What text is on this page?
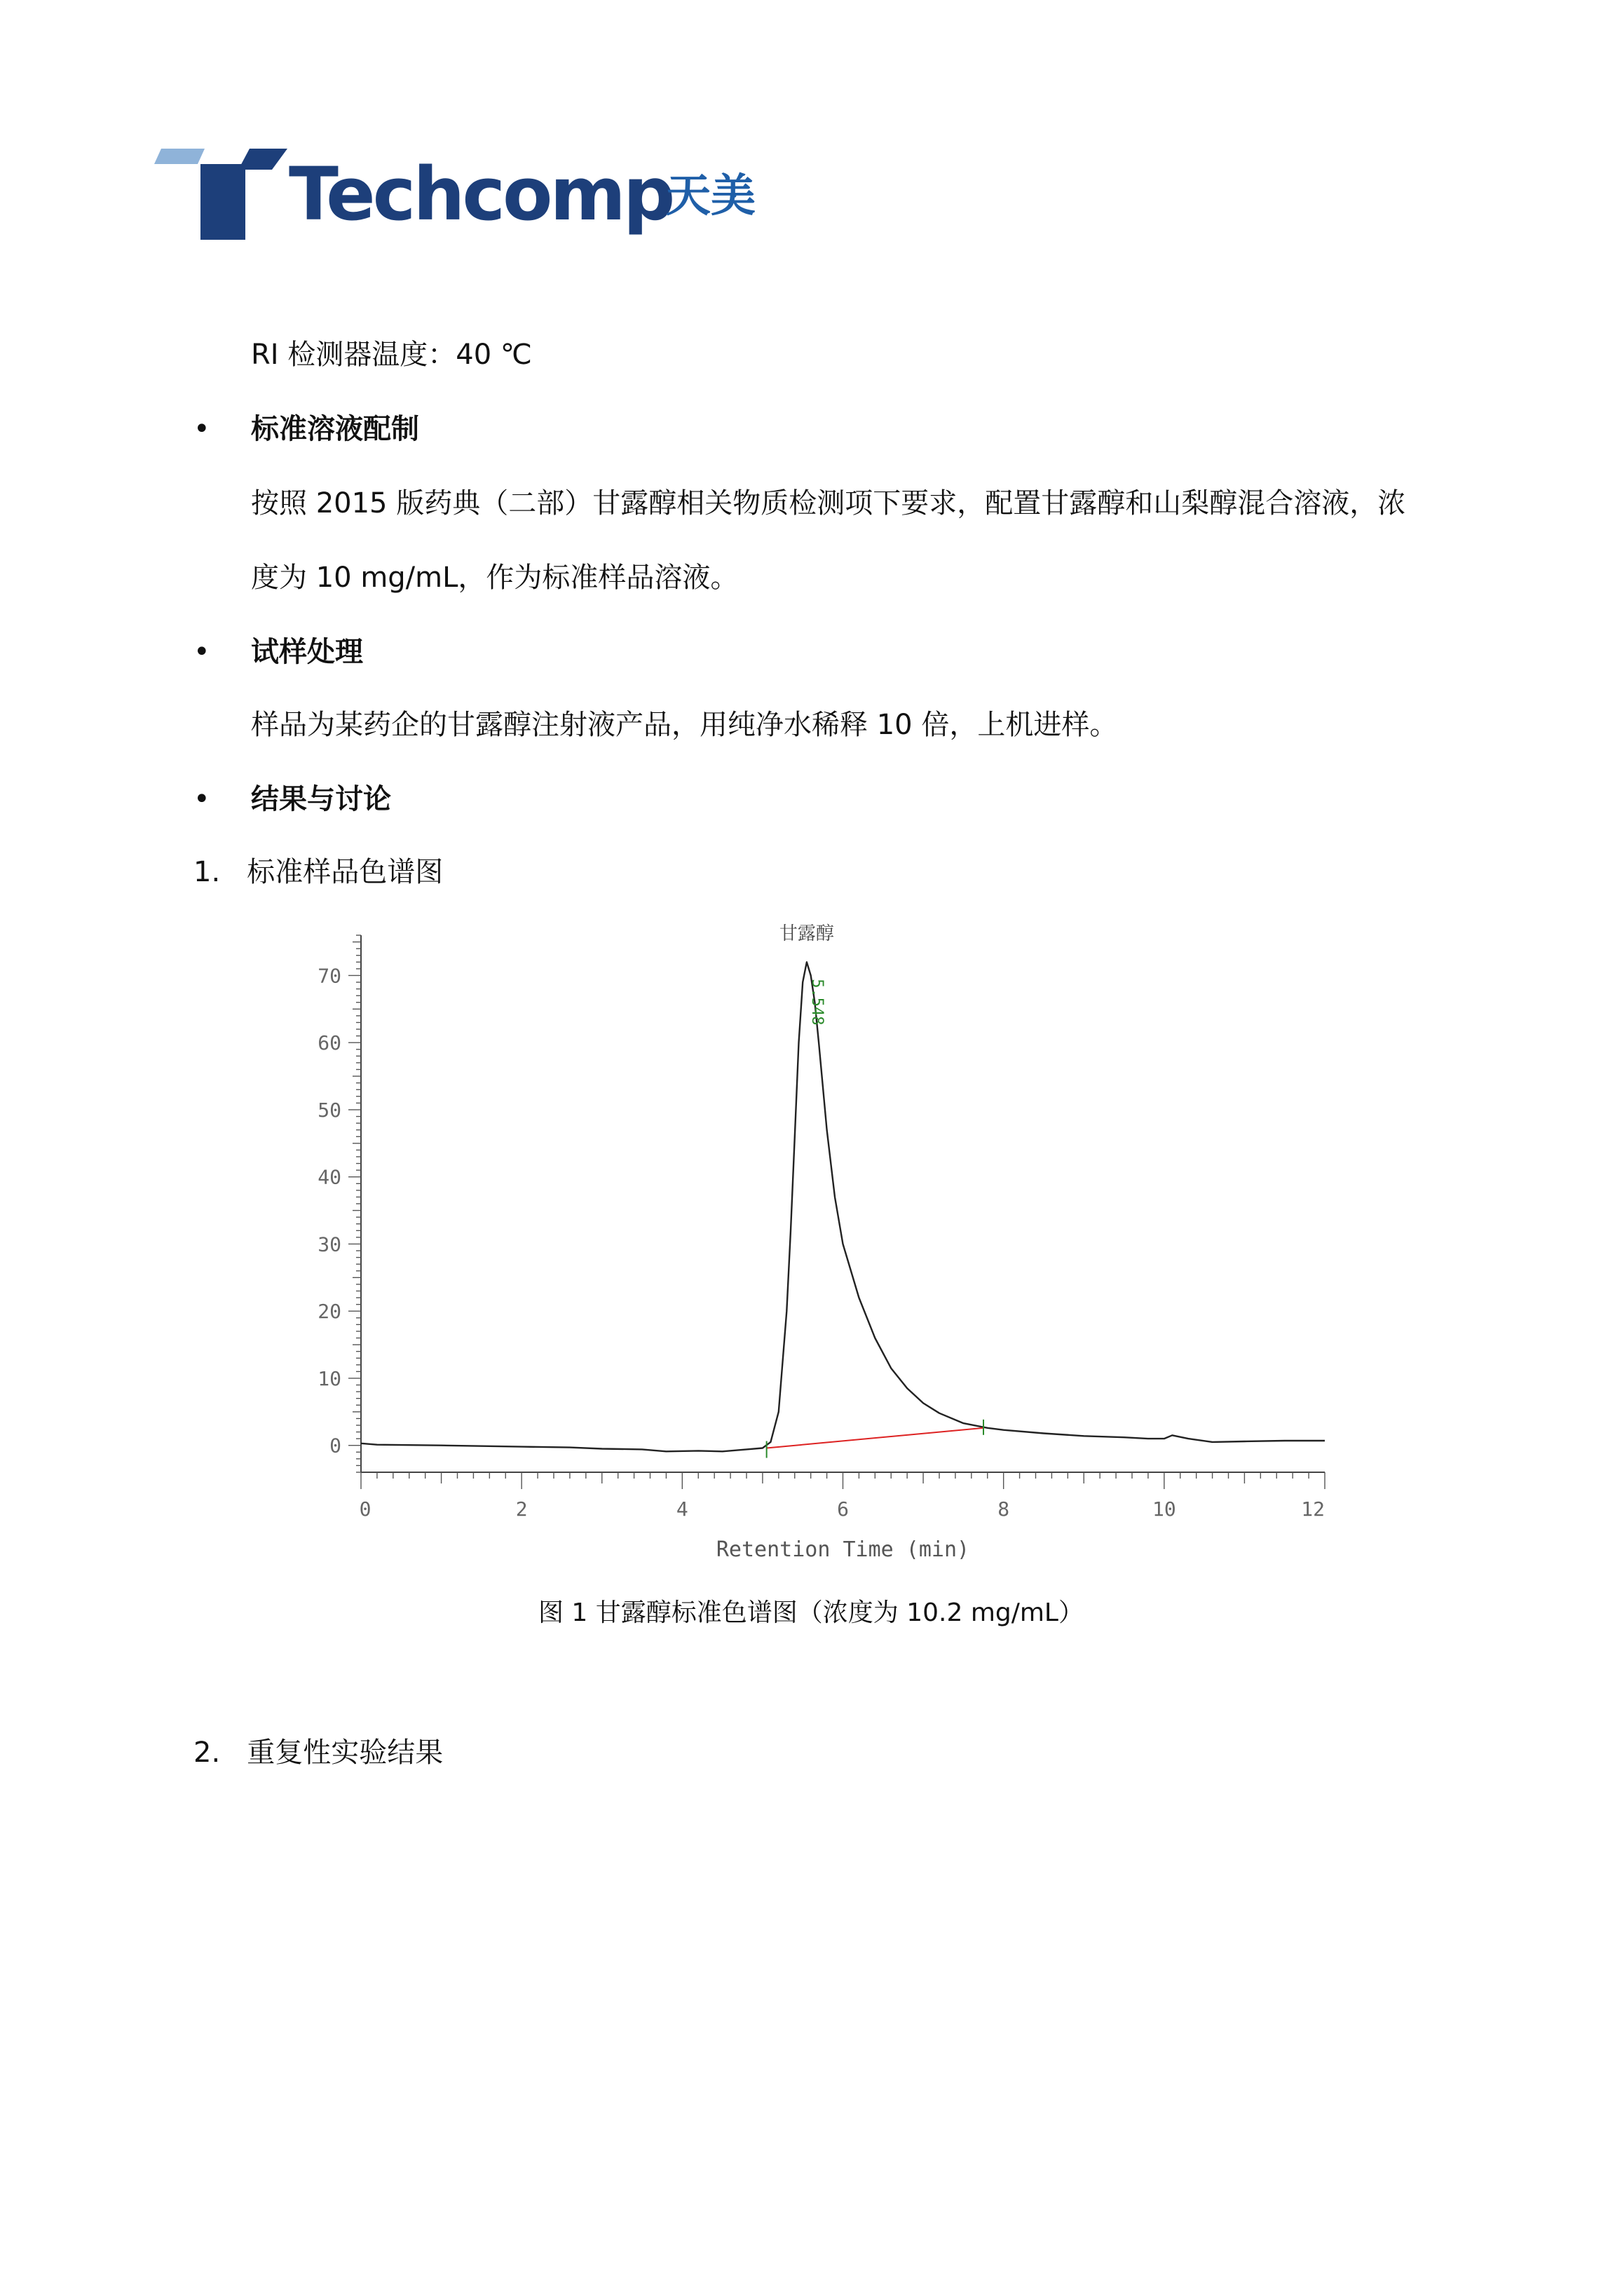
Techcomp
天美
RI 检测器温度：40 ℃
• 标准溶液配制
按照 2015 版药典（二部）甘露醇相关物质检测项下要求，配置甘露醇和山梨醇混合溶液，浓
度为 10 mg/mL，作为标准样品溶液。
• 试样处理
样品为某药企的甘露醇注射液产品，用纯净水稀释 10 倍，上机进样。
• 结果与讨论
1.   标准样品色谱图
0
10
20
30
40
50
60
70
0	2	4	6	8	10	12
Retention Time (min)
甘露醇
5.548
图 1 甘露醇标准色谱图（浓度为 10.2 mg/mL）
2.   重复性实验结果
